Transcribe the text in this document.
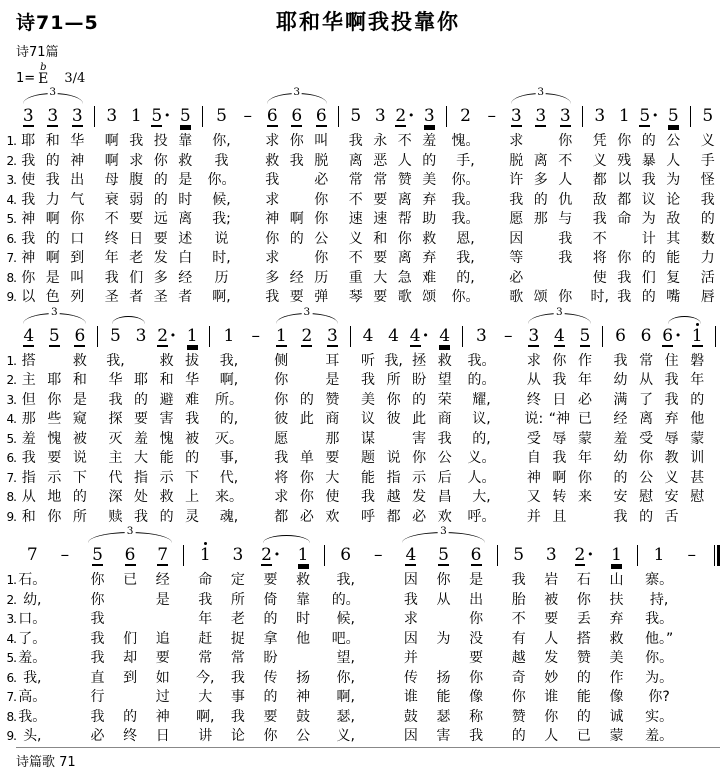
诗71—5	耶和华啊我投靠你
诗71篇
1=
b
E 3/4
3 3 3 3 1 5 · 5 5 – 6 6 6 5 3 2 · 3 2 – 3 3 3 3 1 5 · 5 5
3	3	3
1. 耶 和 华	啊 我 投 靠	你,	求 你 叫	我 永 不 羞	愧。	求	你	凭 你 的 公	义
2. 我 的 神	啊 求 你 救	我	救 我 脱	离 恶 人 的	手,	脱 离 不	义 残 暴 人	手
3. 使 我 出	母 腹 的 是	你。	我	必	常 常 赞 美	你。	许 多 人	都 以 我 为	怪
4. 我 力 气	衰 弱 的 时	候,	求	你	不 要 离 弃	我。	我 的 仇	敌 都 议 论	我
5. 神 啊 你	不 要 远 离	我;	神 啊 你	速 速 帮 助	我。	愿 那 与	我 命 为 敌	的
6. 我 的 口	终 日 要 述	说	你 的 公	义 和 你 救	恩,	因	我	不	计 其	数
7. 神 啊 到	年 老 发 白	时,	求	你	不 要 离 弃	我,	等	我	将 你 的 能	力
8. 你 是 叫	我 们 多 经	历	多 经 历	重 大 急 难	的,	必	使 我 们 复	活
9. 以 色 列	圣 者 圣 者	啊,	我 要 弹	琴 要 歌 颂	你。	歌 颂 你	时, 我 的 嘴	唇
4 5 6 5 3 2 · 1 1	– 1 2 3 4 4 4 · 4 3	– 3 4 5 6 6 6 · 1
3	3	3
1. 搭	救	我,	救 拔	我,	侧	耳	听 我, 拯 救	我。	求 你 作	我 常 住 磐
2. 主 耶 和	华 耶 和 华	啊,	你	是	我 所 盼 望	的。	从 我 年	幼 从 我 年
3. 但 你 是	我 的 避 难	所。	你 的 赞	美 你 的 荣	耀,	终 日 必	满 了 我 的
4. 那 些 窥	探 要 害 我	的,	彼 此 商	议 彼 此 商	议,	说: “神 已	经 离 弃 他
5. 羞 愧 被	灭 羞 愧 被	灭。	愿	那	谋	害 我	的,	受 辱 蒙	羞 受 辱 蒙
6. 我 要 说	主 大 能 的	事,	我 单 要	题 说 你 公	义。	自 我 年	幼 你 教 训
7. 指 示 下	代 指 示 下	代,	将 你 大	能 指 示 后	人。	神 啊 你	的 公 义 甚
8. 从 地 的	深 处 救 上	来。	求 你 使	我 越 发 昌	大,	又 转 来	安 慰 安 慰
9. 和 你 所	赎 我 的 灵	魂,	都 必 欢	呼 都 必 欢	呼。	并 且	我 的 舌
7	–	5 6 7 1 3 2 · 1 6	–	4 5 6 5 3 2 · 1 1	–
3	3
1. 石。	你	已	经	命	定	要	救	我,	因	你	是	我	岩	石	山	寨。
2. 幼,	你	是	我	所	倚	靠	的。	我	从	出	胎	被	你	扶	持,
3. 口。	我	年	老	的	时	候,	求	你	不	要	丢	弃	我。
4. 了。	我	们	追	赶	捉	拿	他	吧。	因	为	没	有	人	搭	救	他。”
5. 羞。	我	却	要	常	常	盼	望,	并	要	越	发	赞	美	你。
6. 我,	直	到	如	今,	我	传	扬	你,	传	扬	你	奇	妙	的	作	为。
7. 高。	行	过	大	事	的	神	啊,	谁	能	像	你	谁	能	像	你?
8. 我。	我	的	神	啊,	我	要	鼓	瑟,	鼓	瑟	称	赞	你	的	诚	实。
9. 头,	必	终	日	讲	论	你	公	义,	因	害	我	的	人	已	蒙	羞。
诗篇歌 71
